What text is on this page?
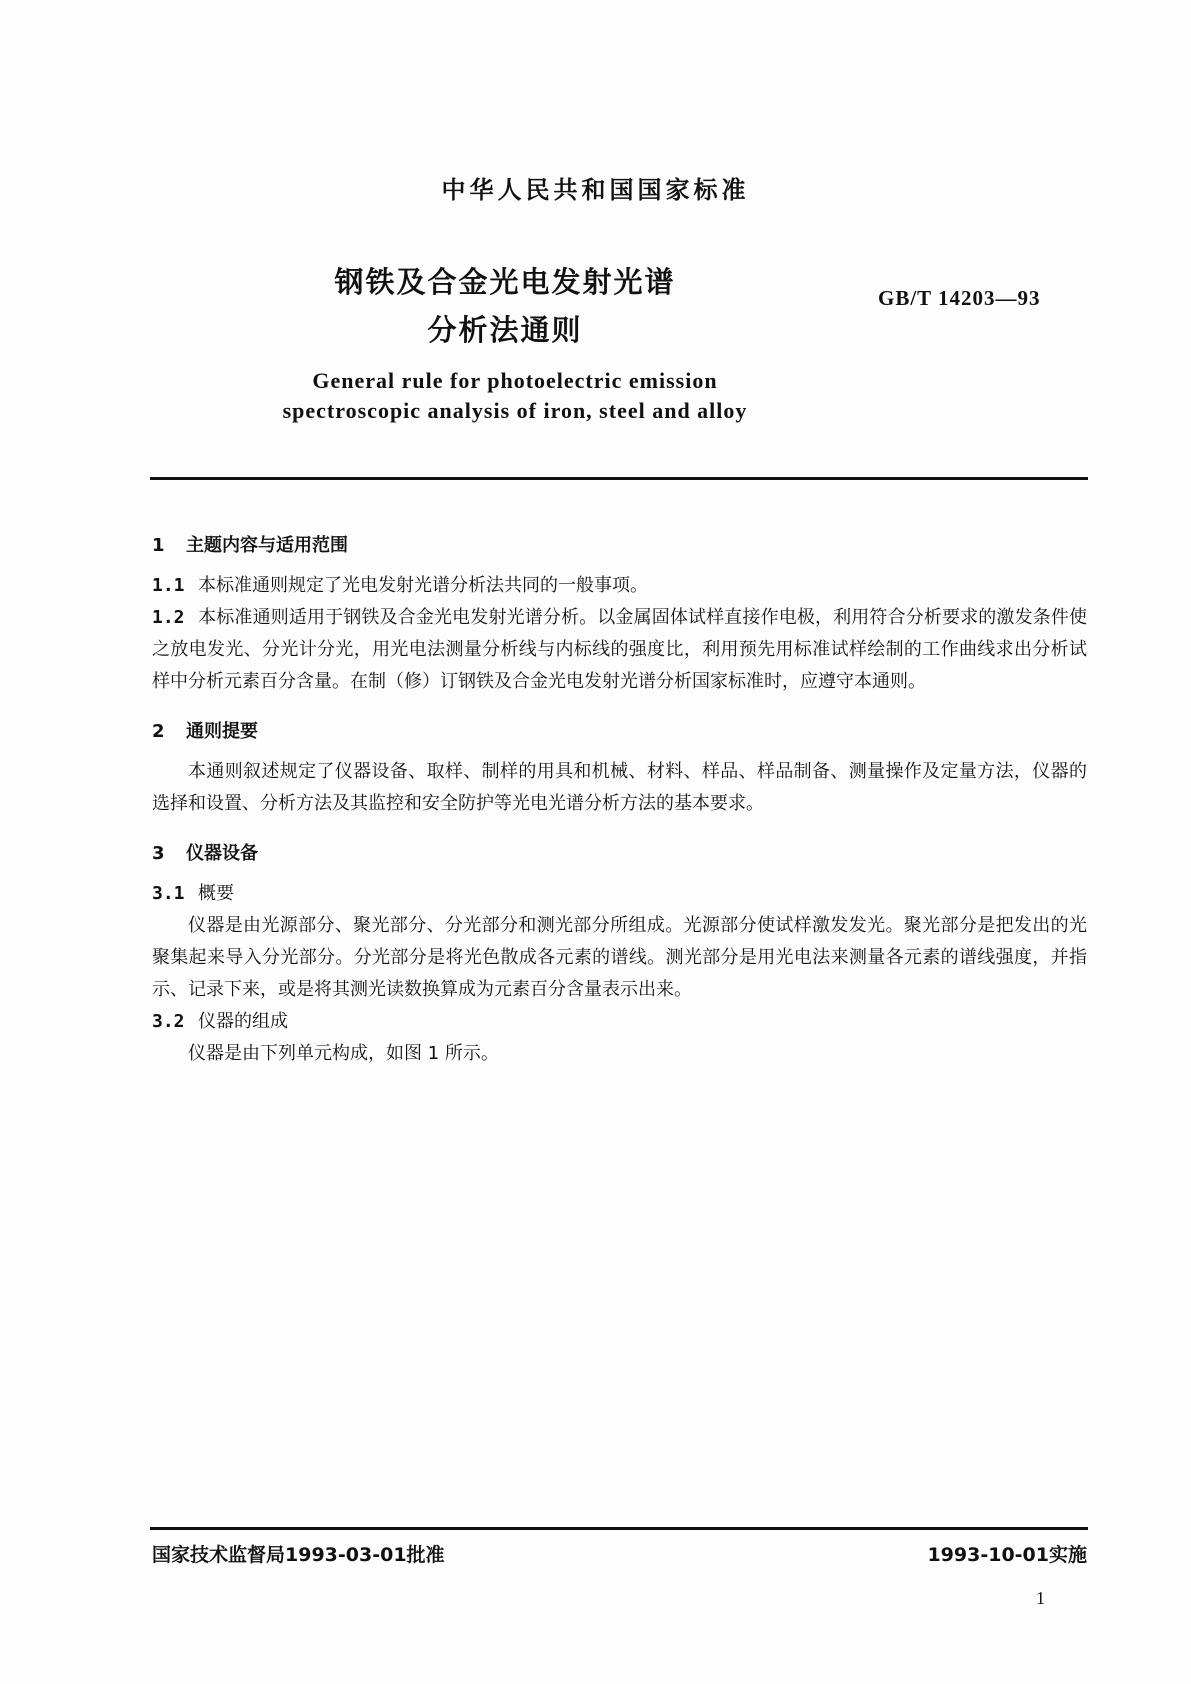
中华人民共和国国家标准
钢铁及合金光电发射光谱
分析法通则
GB/T 14203—93
General rule for photoelectric emission
spectroscopic analysis of iron, steel and alloy
1 主题内容与适用范围

1.1 本标准通则规定了光电发射光谱分析法共同的一般事项。

1.2 本标准通则适用于钢铁及合金光电发射光谱分析。以金属固体试样直接作电极，利用符合分析要求的激发条件使之放电发光、分光计分光，用光电法测量分析线与内标线的强度比，利用预先用标准试样绘制的工作曲线求出分析试样中分析元素百分含量。在制（修）订钢铁及合金光电发射光谱分析国家标准时，应遵守本通则。

2 通则提要

本通则叙述规定了仪器设备、取样、制样的用具和机械、材料、样品、样品制备、测量操作及定量方法，仪器的选择和设置、分析方法及其监控和安全防护等光电光谱分析方法的基本要求。

3 仪器设备

3.1 概要

仪器是由光源部分、聚光部分、分光部分和测光部分所组成。光源部分使试样激发发光。聚光部分是把发出的光聚集起来导入分光部分。分光部分是将光色散成各元素的谱线。测光部分是用光电法来测量各元素的谱线强度，并指示、记录下来，或是将其测光读数换算成为元素百分含量表示出来。

3.2 仪器的组成

仪器是由下列单元构成，如图 1 所示。

国家技术监督局1993-03-01批准	1993-10-01实施
1
